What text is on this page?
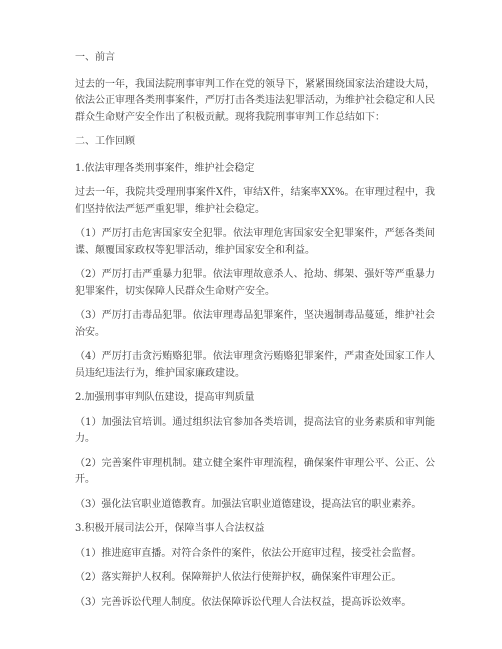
一、前言
过去的一年，我国法院刑事审判工作在党的领导下，紧紧围绕国家法治建设大局，依法公正审理各类刑事案件，严厉打击各类违法犯罪活动，为维护社会稳定和人民群众生命财产安全作出了积极贡献。现将我院刑事审判工作总结如下：
二、工作回顾
1.依法审理各类刑事案件，维护社会稳定
过去一年，我院共受理刑事案件X件，审结X件，结案率XX%。在审理过程中，我们坚持依法严惩严重犯罪，维护社会稳定。
（1）严厉打击危害国家安全犯罪。依法审理危害国家安全犯罪案件，严惩各类间谍、颠覆国家政权等犯罪活动，维护国家安全和利益。
（2）严厉打击严重暴力犯罪。依法审理故意杀人、抢劫、绑架、强奸等严重暴力犯罪案件，切实保障人民群众生命财产安全。
（3）严厉打击毒品犯罪。依法审理毒品犯罪案件，坚决遏制毒品蔓延，维护社会治安。
（4）严厉打击贪污贿赂犯罪。依法审理贪污贿赂犯罪案件，严肃查处国家工作人员违纪违法行为，维护国家廉政建设。
2.加强刑事审判队伍建设，提高审判质量
（1）加强法官培训。通过组织法官参加各类培训，提高法官的业务素质和审判能力。
（2）完善案件审理机制。建立健全案件审理流程，确保案件审理公平、公正、公开。
（3）强化法官职业道德教育。加强法官职业道德建设，提高法官的职业素养。
3.积极开展司法公开，保障当事人合法权益
（1）推进庭审直播。对符合条件的案件，依法公开庭审过程，接受社会监督。
（2）落实辩护人权利。保障辩护人依法行使辩护权，确保案件审理公正。
（3）完善诉讼代理人制度。依法保障诉讼代理人合法权益，提高诉讼效率。
